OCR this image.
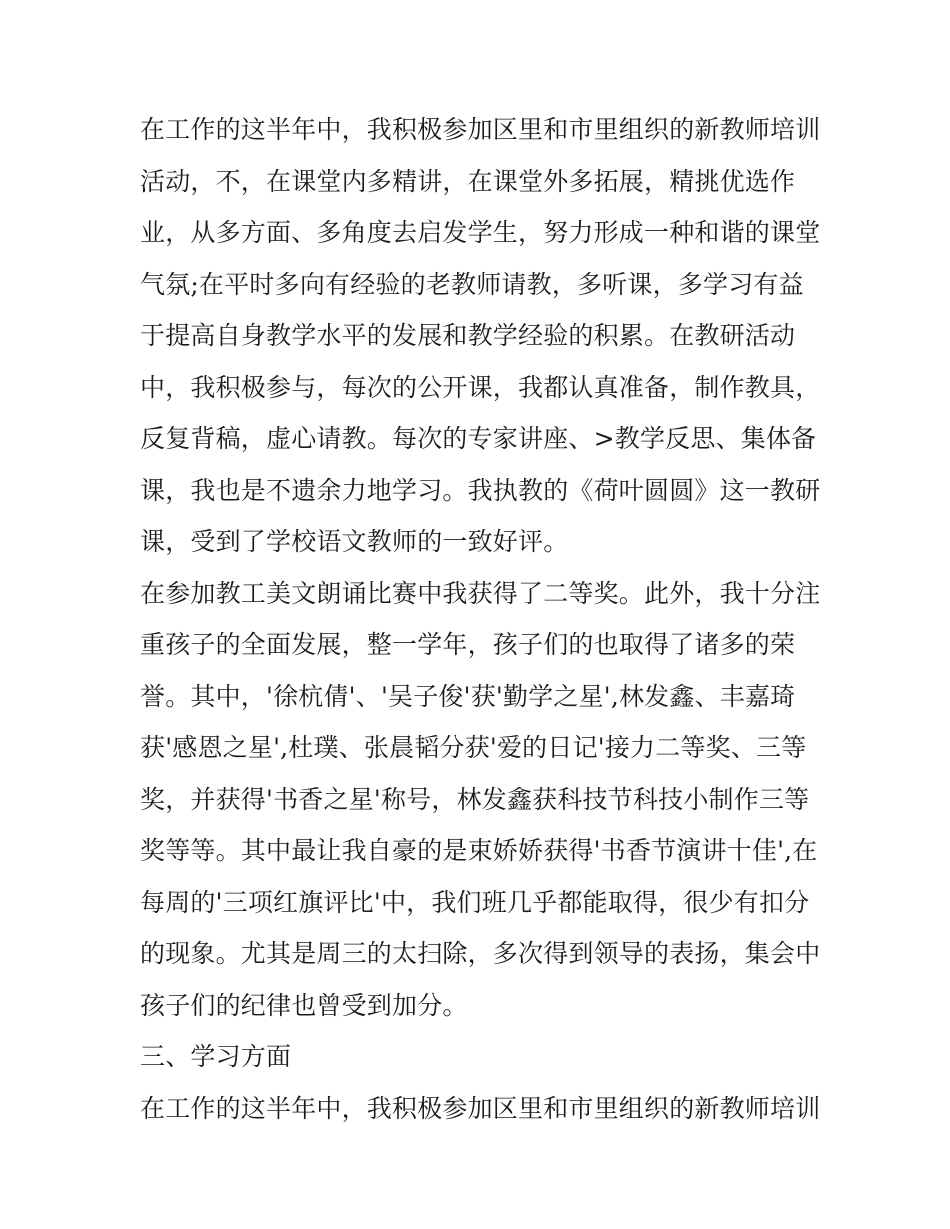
在工作的这半年中，我积极参加区里和市里组织的新教师培训
活动，不，在课堂内多精讲，在课堂外多拓展，精挑优选作
业，从多方面、多角度去启发学生，努力形成一种和谐的课堂
气氛;在平时多向有经验的老教师请教，多听课，多学习有益
于提高自身教学水平的发展和教学经验的积累。在教研活动
中，我积极参与，每次的公开课，我都认真准备，制作教具，
反复背稿，虚心请教。每次的专家讲座、>教学反思、集体备
课，我也是不遗余力地学习。我执教的《荷叶圆圆》这一教研
课，受到了学校语文教师的一致好评。
在参加教工美文朗诵比赛中我获得了二等奖。此外，我十分注
重孩子的全面发展，整一学年，孩子们的也取得了诸多的荣
誉。其中，'徐杭倩'、'吴子俊'获'勤学之星',林发鑫、丰嘉琦
获'感恩之星',杜璞、张晨韬分获'爱的日记'接力二等奖、三等
奖，并获得'书香之星'称号，林发鑫获科技节科技小制作三等
奖等等。其中最让我自豪的是束娇娇获得'书香节演讲十佳',在
每周的'三项红旗评比'中，我们班几乎都能取得，很少有扣分
的现象。尤其是周三的太扫除，多次得到领导的表扬，集会中
孩子们的纪律也曾受到加分。
三、学习方面
在工作的这半年中，我积极参加区里和市里组织的新教师培训
